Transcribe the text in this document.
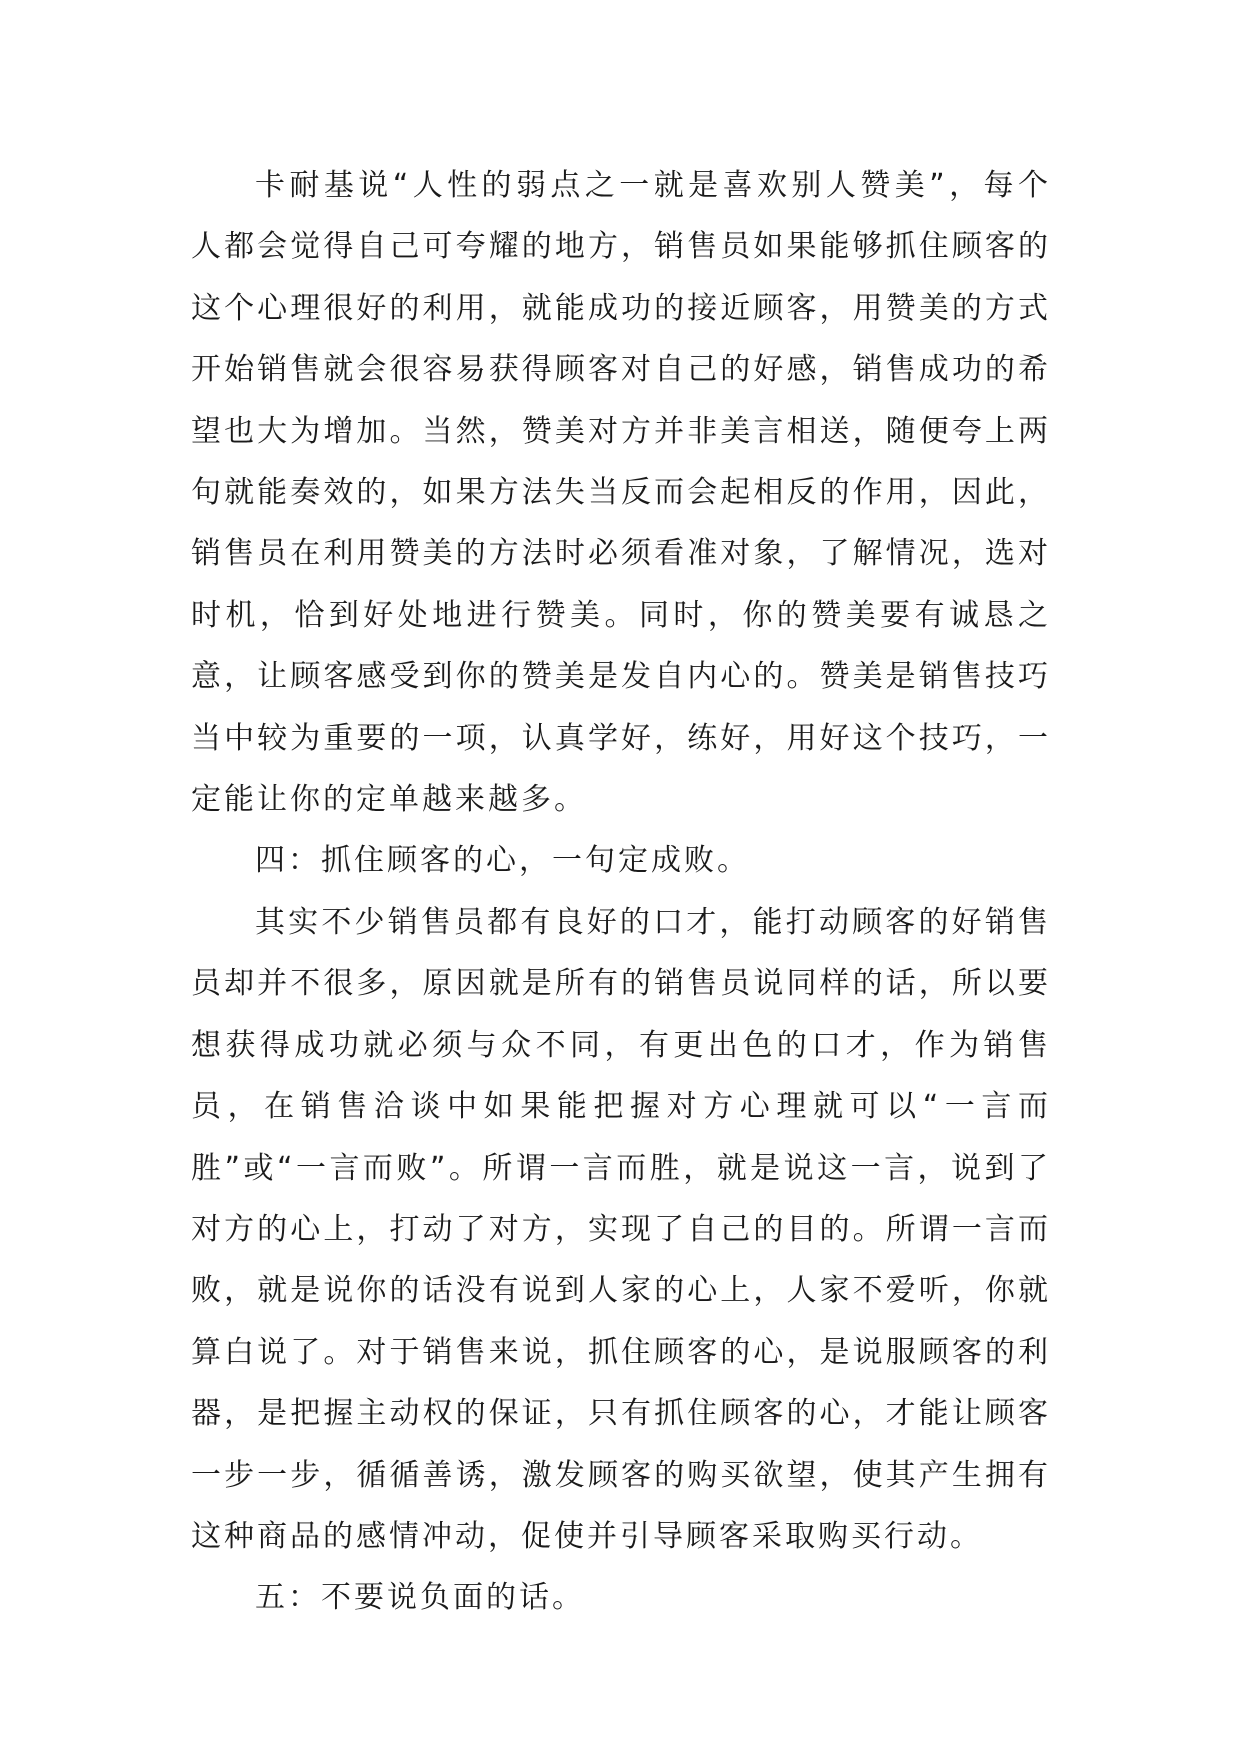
卡耐基说“人性的弱点之一就是喜欢别人赞美”，每个人都会觉得自己可夸耀的地方，销售员如果能够抓住顾客的这个心理很好的利用，就能成功的接近顾客，用赞美的方式开始销售就会很容易获得顾客对自己的好感，销售成功的希望也大为增加。当然，赞美对方并非美言相送，随便夸上两句就能奏效的，如果方法失当反而会起相反的作用，因此，销售员在利用赞美的方法时必须看准对象，了解情况，选对时机，恰到好处地进行赞美。同时，你的赞美要有诚恳之意，让顾客感受到你的赞美是发自内心的。赞美是销售技巧当中较为重要的一项，认真学好，练好，用好这个技巧，一定能让你的定单越来越多。

四：抓住顾客的心，一句定成败。

其实不少销售员都有良好的口才，能打动顾客的好销售员却并不很多，原因就是所有的销售员说同样的话，所以要想获得成功就必须与众不同，有更出色的口才，作为销售员，在销售洽谈中如果能把握对方心理就可以“一言而胜”或“一言而败”。所谓一言而胜，就是说这一言，说到了对方的心上，打动了对方，实现了自己的目的。所谓一言而败，就是说你的话没有说到人家的心上，人家不爱听，你就算白说了。对于销售来说，抓住顾客的心，是说服顾客的利器，是把握主动权的保证，只有抓住顾客的心，才能让顾客一步一步，循循善诱，激发顾客的购买欲望，使其产生拥有这种商品的感情冲动，促使并引导顾客采取购买行动。

五：不要说负面的话。
